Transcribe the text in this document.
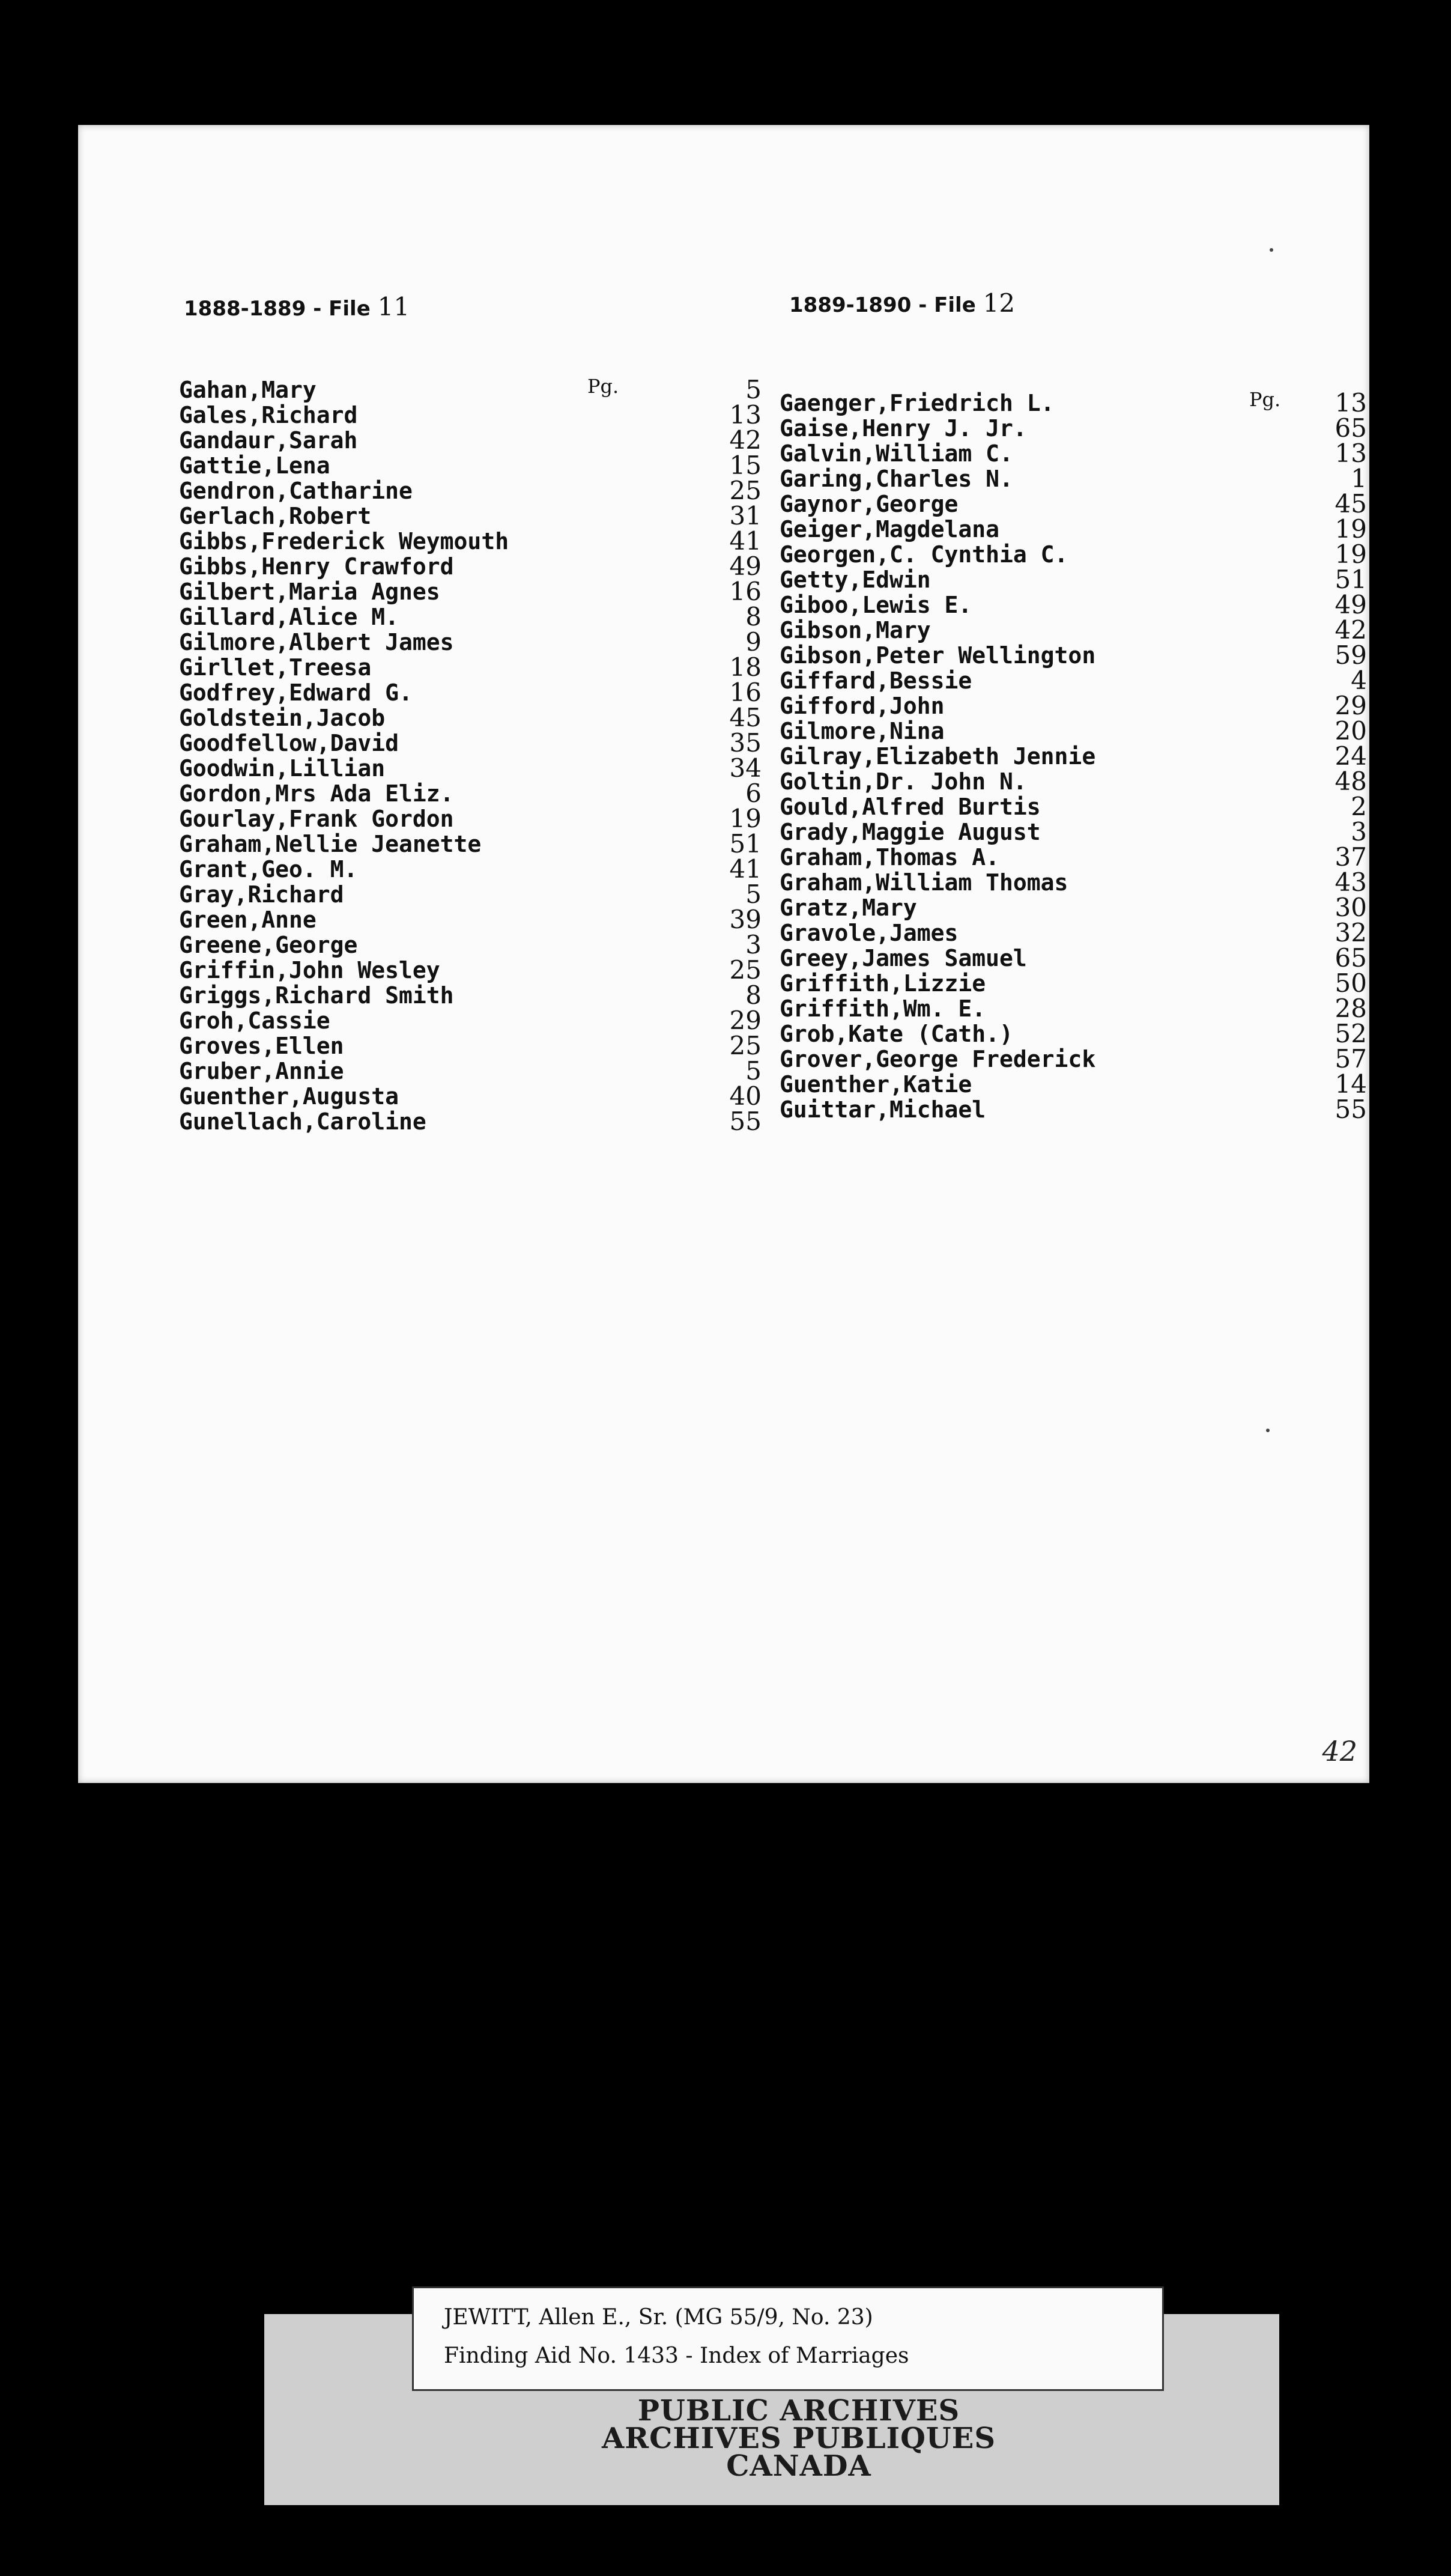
1888-1889 - File 11	1889-1890 - File 12
Gahan,Mary	Pg.	5
Gales,Richard	13
Gandaur,Sarah	42
Gattie,Lena	15
Gendron,Catharine	25
Gerlach,Robert	31
Gibbs,Frederick Weymouth	41
Gibbs,Henry Crawford	49
Gilbert,Maria Agnes	16
Gillard,Alice M.	8
Gilmore,Albert James	9
Girllet,Treesa	18
Godfrey,Edward G.	16
Goldstein,Jacob	45
Goodfellow,David	35
Goodwin,Lillian	34
Gordon,Mrs Ada Eliz.	6
Gourlay,Frank Gordon	19
Graham,Nellie Jeanette	51
Grant,Geo. M.	41
Gray,Richard	5
Green,Anne	39
Greene,George	3
Griffin,John Wesley	25
Griggs,Richard Smith	8
Groh,Cassie	29
Groves,Ellen	25
Gruber,Annie	5
Guenther,Augusta	40
Gunellach,Caroline	55
Gaenger,Friedrich L.	Pg. 13
Gaise,Henry J. Jr.	65
Galvin,William C.	13
Garing,Charles N.	1
Gaynor,George	45
Geiger,Magdelana	19
Georgen,C. Cynthia C.	19
Getty,Edwin	51
Giboo,Lewis E.	49
Gibson,Mary	42
Gibson,Peter Wellington	59
Giffard,Bessie	4
Gifford,John	29
Gilmore,Nina	20
Gilray,Elizabeth Jennie	24
Goltin,Dr. John N.	48
Gould,Alfred Burtis	2
Grady,Maggie August	3
Graham,Thomas A.	37
Graham,William Thomas	43
Gratz,Mary	30
Gravole,James	32
Greey,James Samuel	65
Griffith,Lizzie	50
Griffith,Wm. E.	28
Grob,Kate (Cath.)	52
Grover,George Frederick	57
Guenther,Katie	14
Guittar,Michael	55
42
JEWITT, Allen E., Sr. (MG 55/9, No. 23)
Finding Aid No. 1433 - Index of Marriages
PUBLIC ARCHIVES
ARCHIVES PUBLIQUES
CANADA
